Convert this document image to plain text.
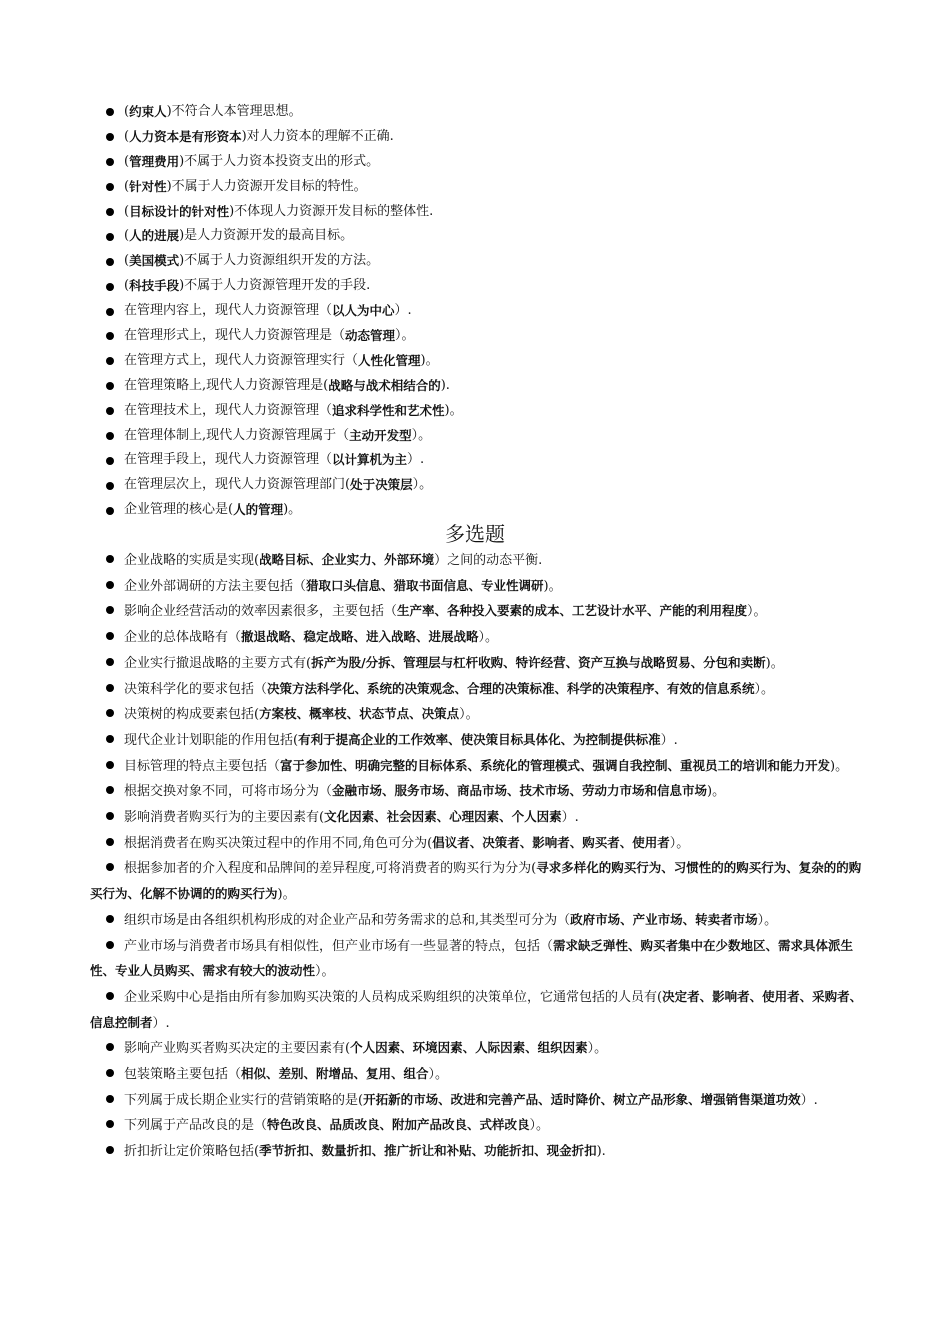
( 约束人 )不符合人本管理思想。
( 人力资本是有形资本 )对人力资本的理解不正确.
( 管理费用 )不属于人力资本投资支出的形式。
( 针对性 )不属于人力资源开发目标的特性。
( 目标设计的针对性 )不体现人力资源开发目标的整体性.
( 人的进展 )是人力资源开发的最高目标。
( 美国模式 )不属于人力资源组织开发的方法。
( 科技手段 )不属于人力资源管理开发的手段.
在管理内容上，现代人力资源管理（ 以人为中心 ）.
在管理形式上，现代人力资源管理是（ 动态管理 ）。
在管理方式上，现代人力资源管理实行（ 人性化管理 )。
在管理策略上,现代人力资源管理是( 战略与战术相结合的 ).
在管理技术上，现代人力资源管理（ 追求科学性和艺术性 )。
在管理体制上,现代人力资源管理属于（ 主动开发型 ）。
在管理手段上，现代人力资源管理（ 以计算机为主 ）.
在管理层次上，现代人力资源管理部门( 处于决策层 ）。
企业管理的核心是( 人的管理 )。
多选题
企业战略的实质是实现(战略目标、企业实力、外部环境）之间的动态平衡.
企业外部调研的方法主要包括（猎取口头信息、猎取书面信息、专业性调研)。
影响企业经营活动的效率因素很多，主要包括（生产率、各种投入要素的成本、工艺设计水平、产能的利用程度）。
企业的总体战略有（撤退战略、稳定战略、进入战略、进展战略）。
企业实行撤退战略的主要方式有(拆产为股/分拆、管理层与杠杆收购、特许经营、资产互换与战略贸易、分包和卖断)。
决策科学化的要求包括（决策方法科学化、系统的决策观念、合理的决策标准、科学的决策程序、有效的信息系统）。
决策树的构成要素包括(方案枝、概率枝、状态节点、决策点）。
现代企业计划职能的作用包括(有利于提高企业的工作效率、使决策目标具体化、为控制提供标准）.
目标管理的特点主要包括（富于参加性、明确完整的目标体系、系统化的管理模式、强调自我控制、重视员工的培训和能力开发)。
根据交换对象不同，可将市场分为（金融市场、服务市场、商品市场、技术市场、劳动力市场和信息市场)。
影响消费者购买行为的主要因素有(文化因素、社会因素、心理因素、个人因素）.
根据消费者在购买决策过程中的作用不同,角色可分为(倡议者、决策者、影响者、购买者、使用者）。
根据参加者的介入程度和品牌间的差异程度,可将消费者的购买行为分为(寻求多样化的购买行为、习惯性的的购买行为、复杂的的购买行为、化解不协调的的购买行为)。
组织市场是由各组织机构形成的对企业产品和劳务需求的总和,其类型可分为（政府市场、产业市场、转卖者市场）。
产业市场与消费者市场具有相似性，但产业市场有一些显著的特点，包括（需求缺乏弹性、购买者集中在少数地区、需求具体派生性、专业人员购买、需求有较大的波动性）。
企业采购中心是指由所有参加购买决策的人员构成采购组织的决策单位，它通常包括的人员有(决定者、影响者、使用者、采购者、信息控制者）.
影响产业购买者购买决定的主要因素有(个人因素、环境因素、人际因素、组织因素）。
包装策略主要包括（相似、差别、附增品、复用、组合）。
下列属于成长期企业实行的营销策略的是(开拓新的市场、改进和完善产品、适时降价、树立产品形象、增强销售渠道功效）.
下列属于产品改良的是（特色改良、品质改良、附加产品改良、式样改良）。
折扣折让定价策略包括(季节折扣、数量折扣、推广折让和补贴、功能折扣、现金折扣).
